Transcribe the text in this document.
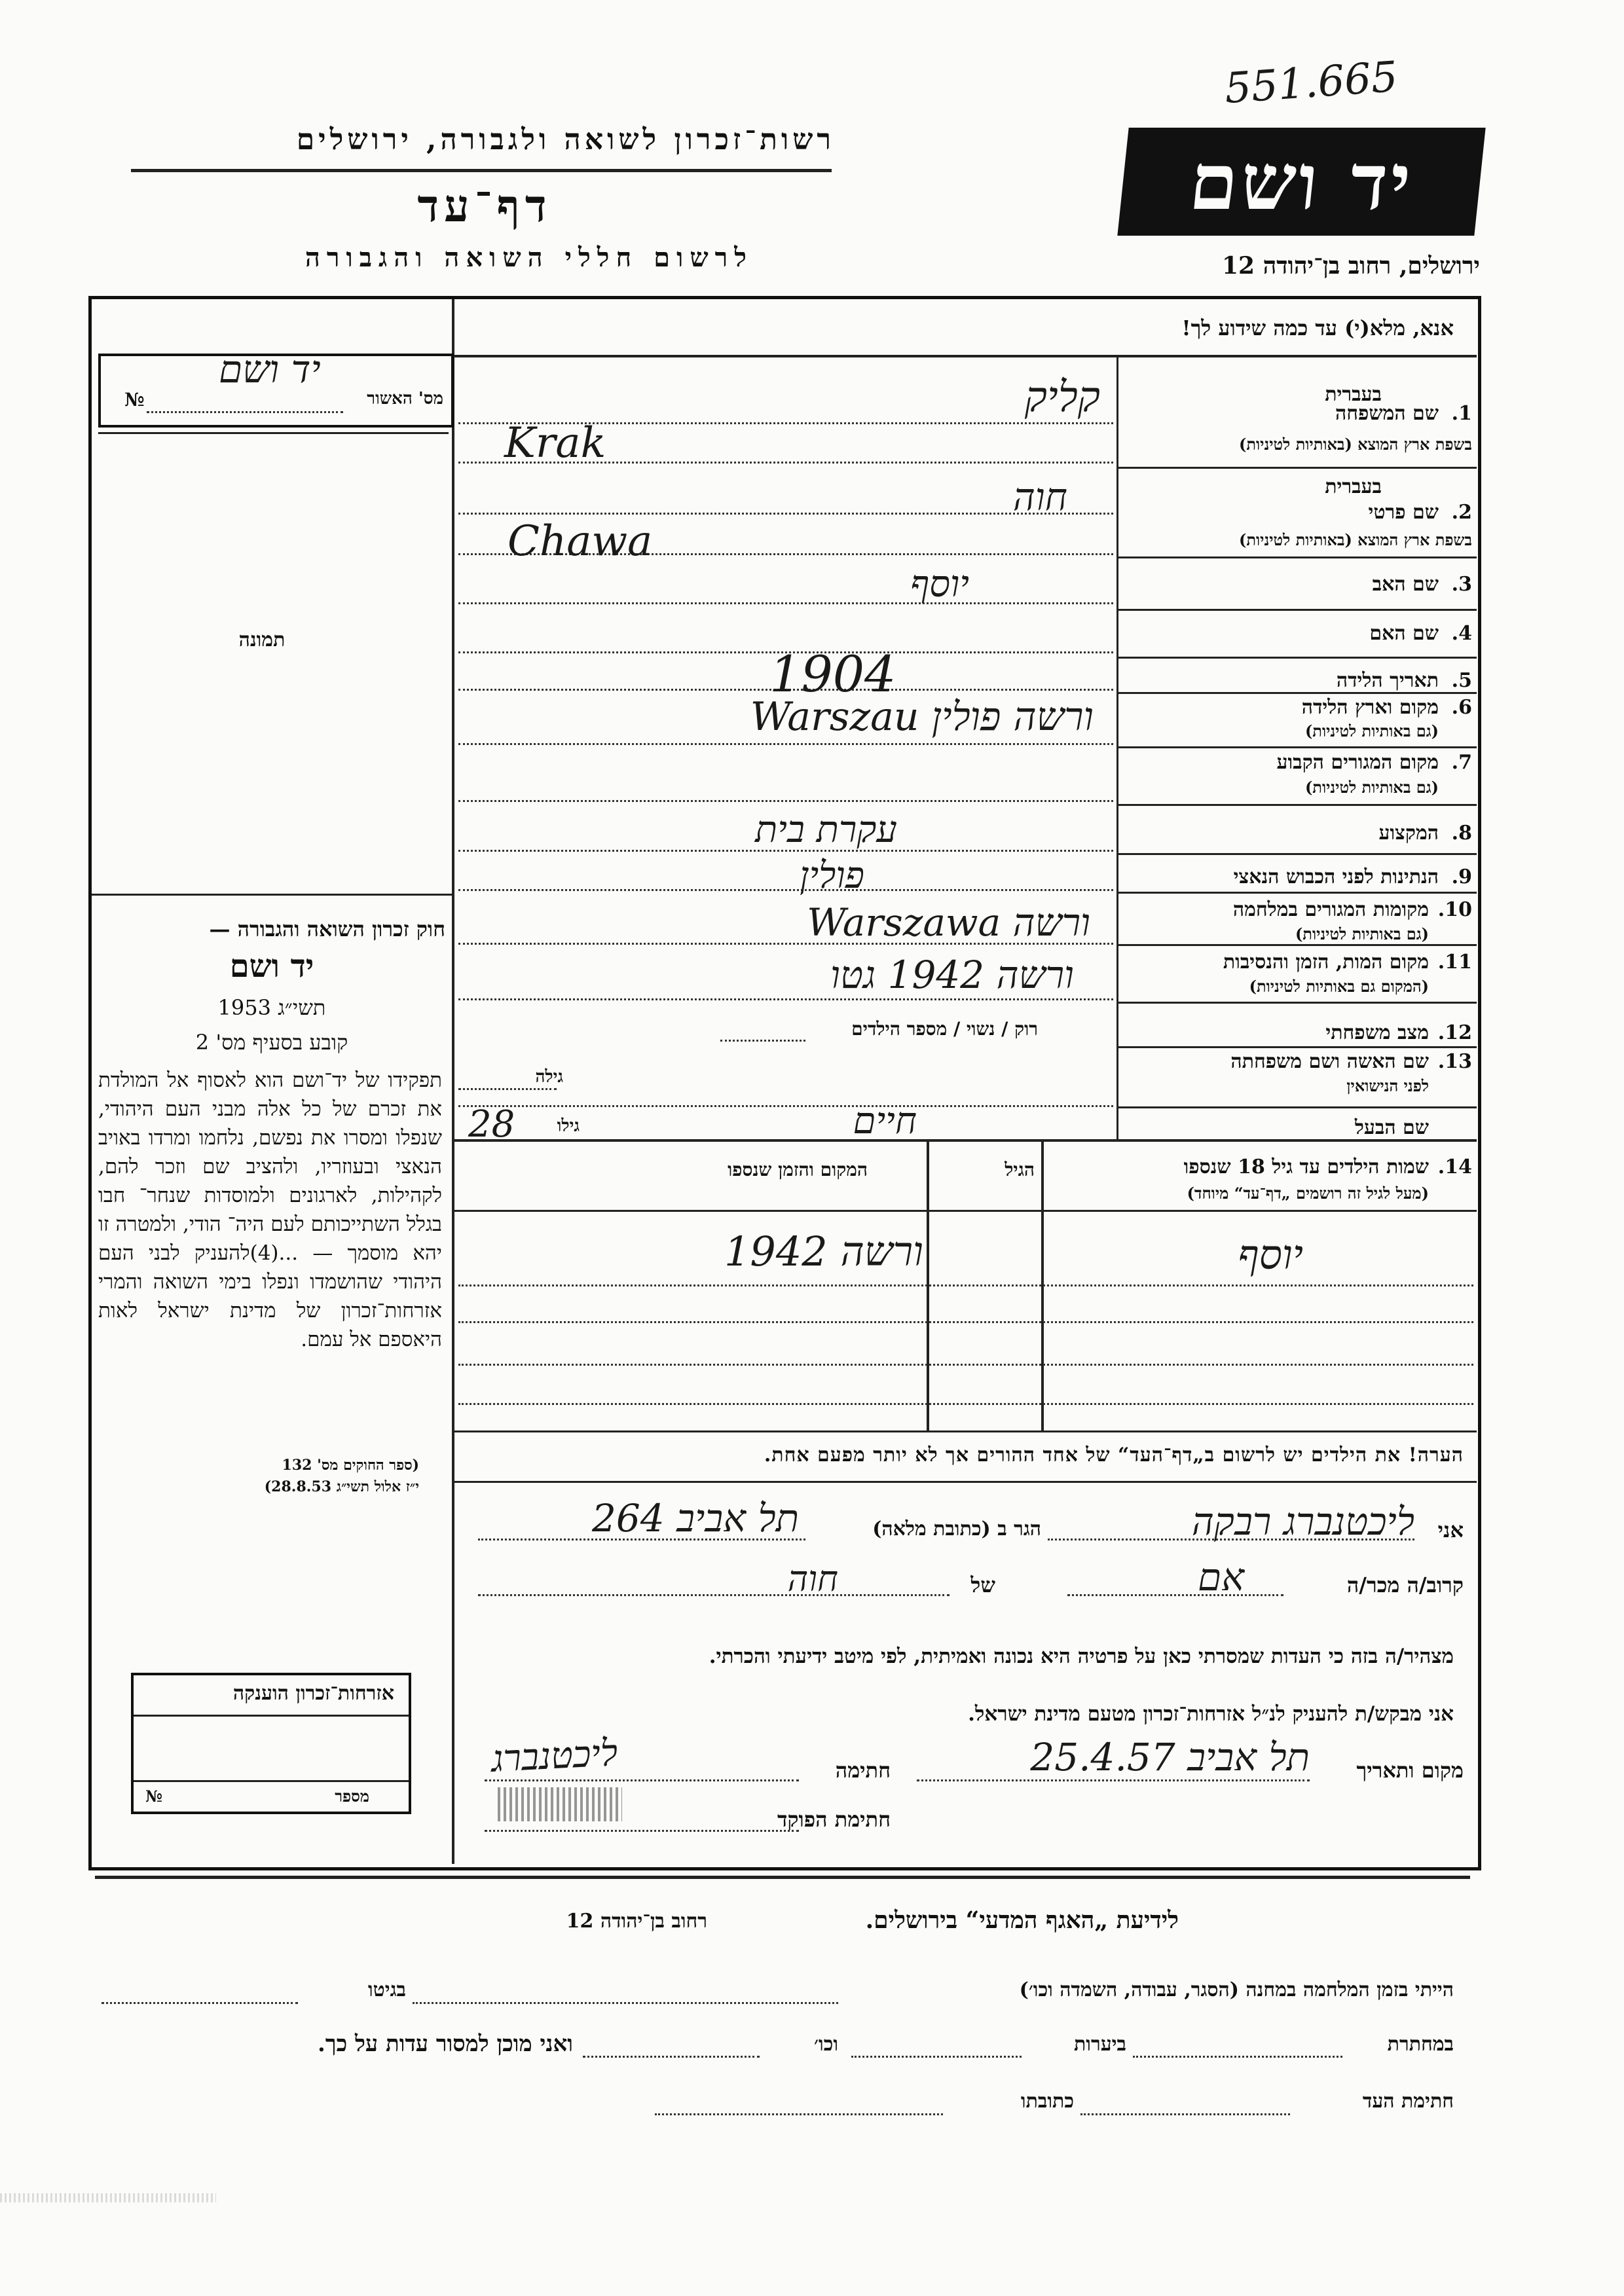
551.665
רשות־זכרון לשואה ולגבורה, ירושלים
דף־עד
לרשום חללי השואה והגבורה
יד ושם
ירושלים, רחוב בן־יהודה 12
מס' האשור
№
יד ושם
תמונה
חוק זכרון השואה והגבורה —
יד ושם
תשי״ג 1953
קובע בסעיף מס' 2
תפקידו של יד־ושם הוא לאסוף אל המולדת את זכרם של כל אלה מבני העם היהודי, שנפלו ומסרו את נפשם, נלחמו ומרדו באויב הנאצי ובעוזריו, ולהציב שם וזכר להם, לקהילות, לארגונים ולמוסדות שנחר־ חבו בגלל השתייכותם לעם היה־ הודי, ולמטרה זו יהא מוסמך — ...(4)להעניק לבני העם היהודי שהושמדו ונפלו בימי השואה והמרי אזרחות־זכרון של מדינת ישראל לאות היאספם אל עמם.
(ספר החוקים מס' 132
י״ז אלול תשי״ג 28.8.53)
אזרחות־זכרון הוענקה
מספר
№
אנא, מלא(י) עד כמה שידוע לך!
1.
שם המשפחה
בעברית
בשפת ארץ המוצא (באותיות לטיניות)
2.
שם פרטי
בעברית
בשפת ארץ המוצא (באותיות לטיניות)
3.
שם האב
4.
שם האם
5.
תאריך הלידה
6.
מקום וארץ הלידה
(גם באותיות לטיניות)
7.
מקום המגורים הקבוע
(גם באותיות לטיניות)
8.
המקצוע
9.
הנתינות לפני הכבוש הנאצי
10.
מקומות המגורים במלחמה
(גם באותיות לטיניות)
11.
מקום המות, הזמן והנסיבות
(המקום גם באותיות לטיניות)
12.
מצב משפחתי
רוק / נשוי / מספר הילדים
13.
שם האשה ושם משפחתה
לפני הנישואין
גילה
שם הבעל
גילו
קליק
Krak
חוה
Chawa
יוסף
1904
ורשה פולין Warszau
עקרת בית
פולין
ורשה Warszawa
ורשה 1942 גטו
חיים
28
14.
שמות הילדים עד גיל 18 שנספו
(מעל לגיל זה רושמים „דף־עד“ מיוחד)
הגיל
המקום והזמן שנספו
יוסף
ורשה 1942
הערה! את הילדים יש לרשום ב„דף־העד“ של אחד ההורים אך לא יותר מפעם אחת.
אני
ליכטנברג רבקה
הגר ב (כתובת מלאה)
תל אביב 264
קרוב/ה מכר/ה
אם
של
חוה
מצהיר/ה בזה כי העדות שמסרתי כאן על פרטיה היא נכונה ואמיתית, לפי מיטב ידיעתי והכרתי.
אני מבקש/ת להעניק לנ״ל אזרחות־זכרון מטעם מדינת ישראל.
מקום ותאריך
תל אביב 25.4.57
חתימה
ליכטנברג
חתימת הפוקד
לידיעת „האגף המדעי“ בירושלים.
רחוב בן־יהודה 12
הייתי בזמן המלחמה במחנה (הסגר, עבודה, השמדה וכו׳)
בגיטו
במחתרת
ביערות
וכו׳
ואני מוכן למסור עדות על כך.
חתימת העד
כתובתו
